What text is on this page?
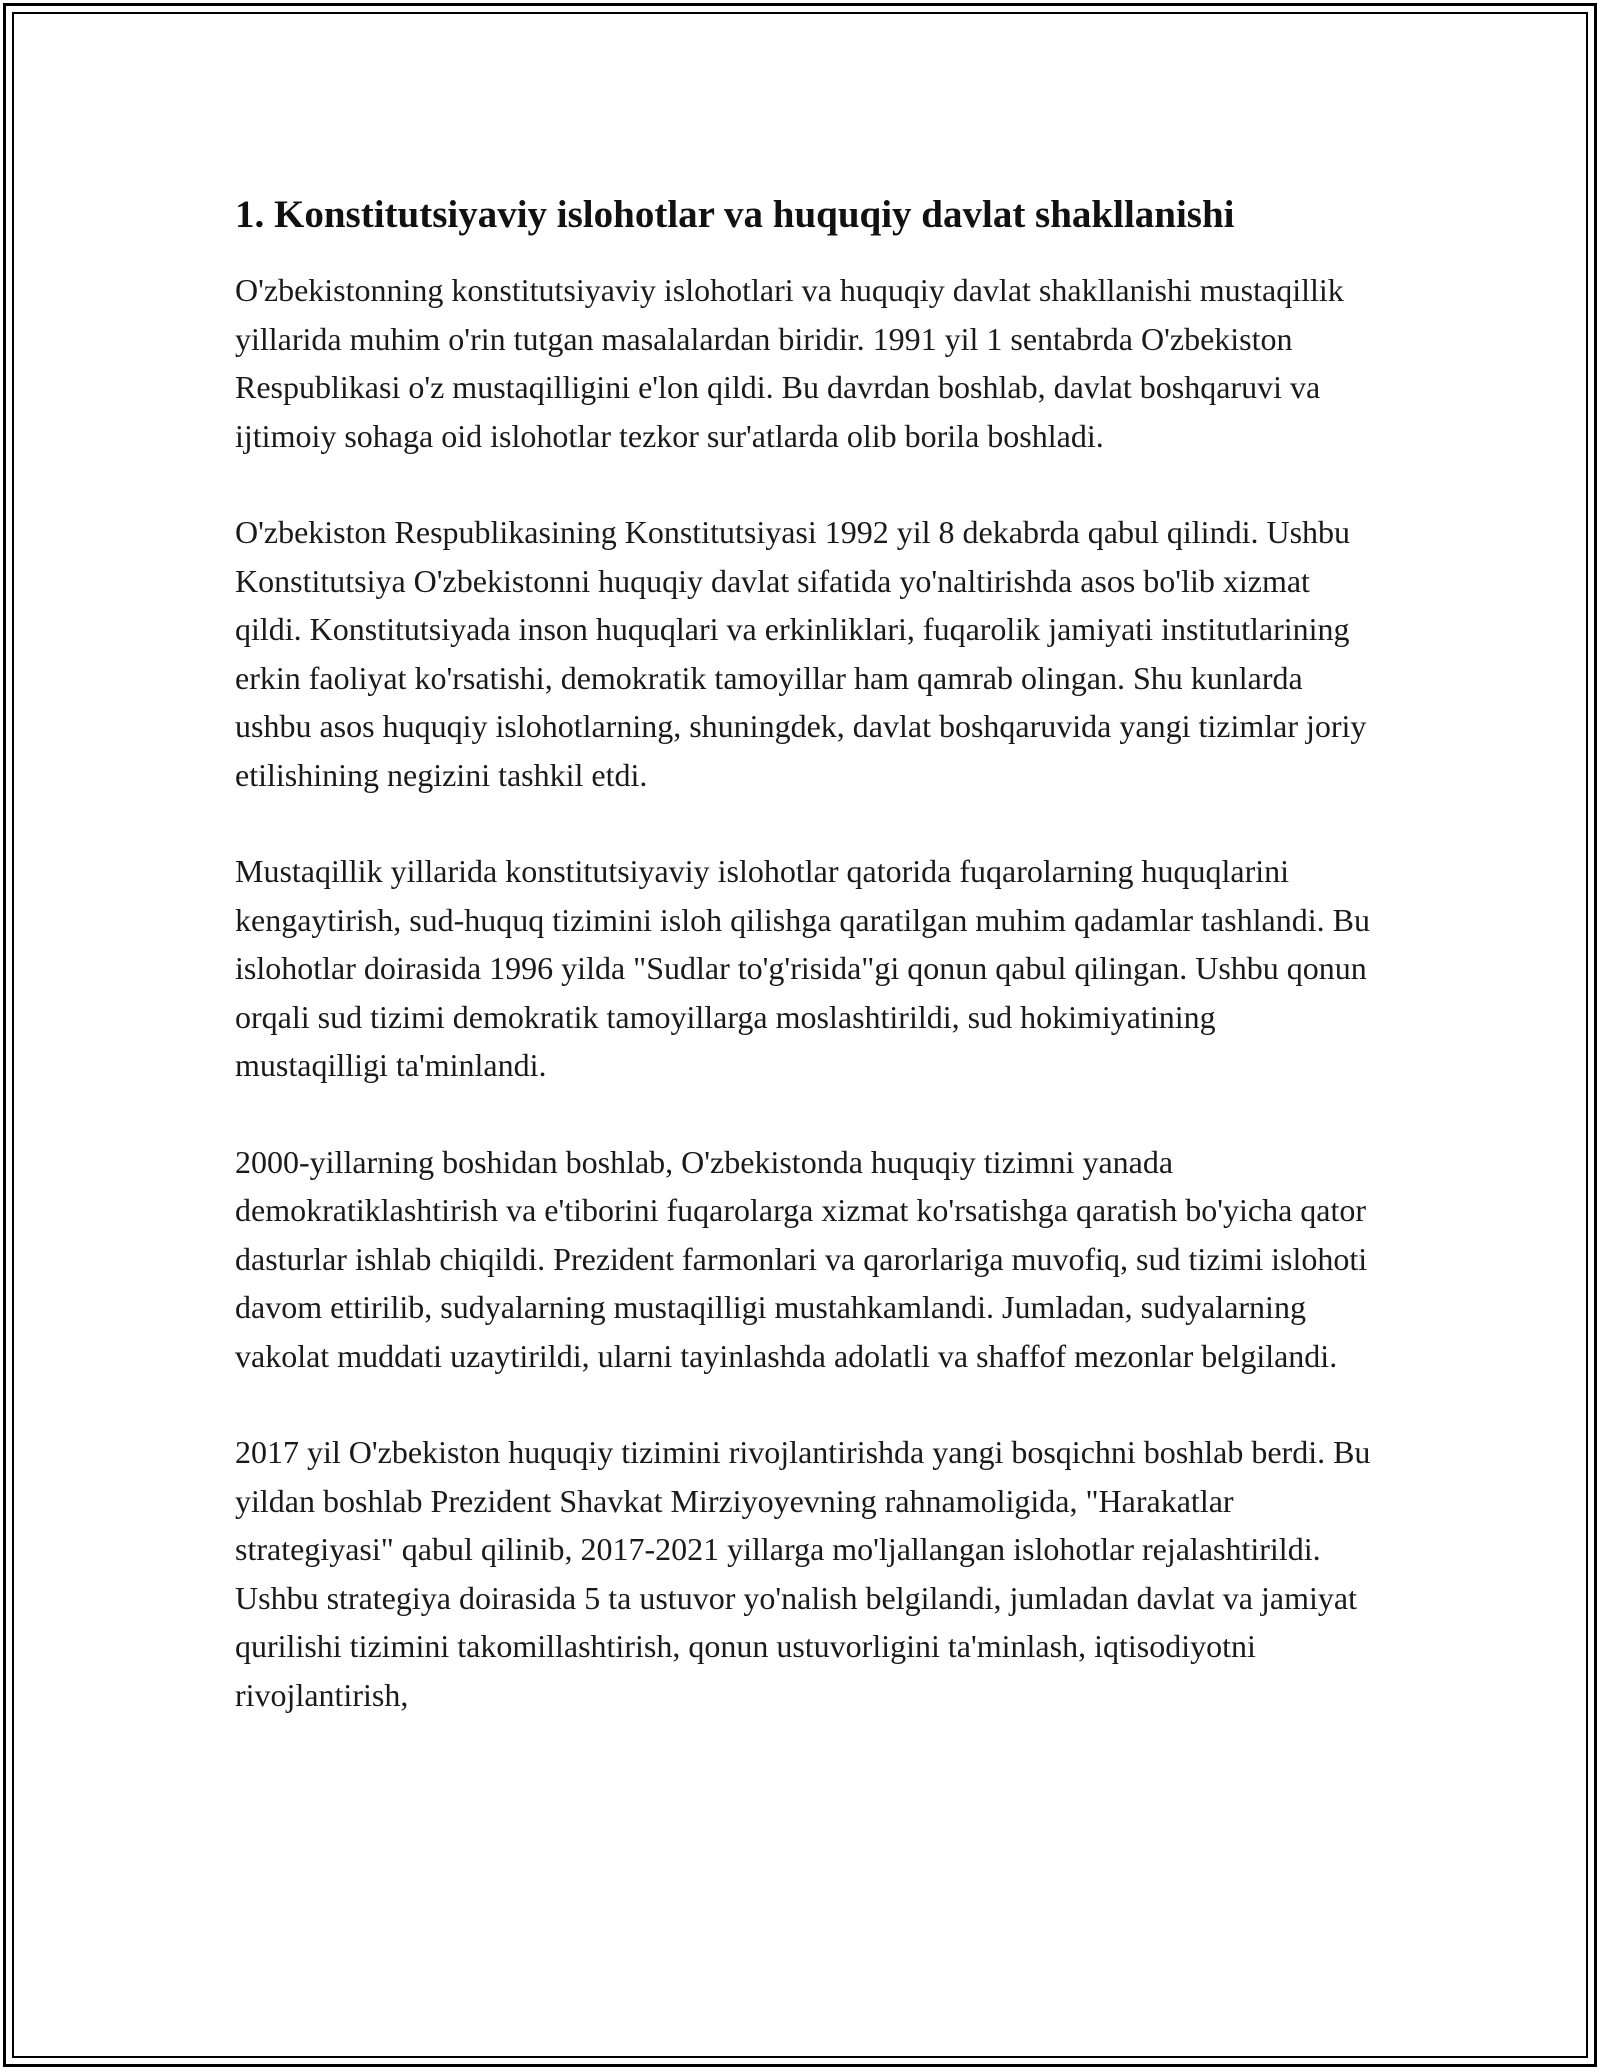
1. Konstitutsiyaviy islohotlar va huquqiy davlat shakllanishi

O'zbekistonning konstitutsiyaviy islohotlari va huquqiy davlat shakllanishi mustaqillik yillarida muhim o'rin tutgan masalalardan biridir. 1991 yil 1 sentabrda O'zbekiston Respublikasi o'z mustaqilligini e'lon qildi. Bu davrdan boshlab, davlat boshqaruvi va ijtimoiy sohaga oid islohotlar tezkor sur'atlarda olib borila boshladi.

O'zbekiston Respublikasining Konstitutsiyasi 1992 yil 8 dekabrda qabul qilindi. Ushbu Konstitutsiya O'zbekistonni huquqiy davlat sifatida yo'naltirishda asos bo'lib xizmat qildi. Konstitutsiyada inson huquqlari va erkinliklari, fuqarolik jamiyati institutlarining erkin faoliyat ko'rsatishi, demokratik tamoyillar ham qamrab olingan. Shu kunlarda ushbu asos huquqiy islohotlarning, shuningdek, davlat boshqaruvida yangi tizimlar joriy etilishining negizini tashkil etdi.

Mustaqillik yillarida konstitutsiyaviy islohotlar qatorida fuqarolarning huquqlarini kengaytirish, sud-huquq tizimini isloh qilishga qaratilgan muhim qadamlar tashlandi. Bu islohotlar doirasida 1996 yilda "Sudlar to'g'risida"gi qonun qabul qilingan. Ushbu qonun orqali sud tizimi demokratik tamoyillarga moslashtirildi, sud hokimiyatining mustaqilligi ta'minlandi.

2000-yillarning boshidan boshlab, O'zbekistonda huquqiy tizimni yanada demokratiklashtirish va e'tiborini fuqarolarga xizmat ko'rsatishga qaratish bo'yicha qator dasturlar ishlab chiqildi. Prezident farmonlari va qarorlariga muvofiq, sud tizimi islohoti davom ettirilib, sudyalarning mustaqilligi mustahkamlandi. Jumladan, sudyalarning vakolat muddati uzaytirildi, ularni tayinlashda adolatli va shaffof mezonlar belgilandi.

2017 yil O'zbekiston huquqiy tizimini rivojlantirishda yangi bosqichni boshlab berdi. Bu yildan boshlab Prezident Shavkat Mirziyoyevning rahnamoligida, "Harakatlar strategiyasi" qabul qilinib, 2017-2021 yillarga mo'ljallangan islohotlar rejalashtirildi. Ushbu strategiya doirasida 5 ta ustuvor yo'nalish belgilandi, jumladan davlat va jamiyat qurilishi tizimini takomillashtirish, qonun ustuvorligini ta'minlash, iqtisodiyotni rivojlantirish,
